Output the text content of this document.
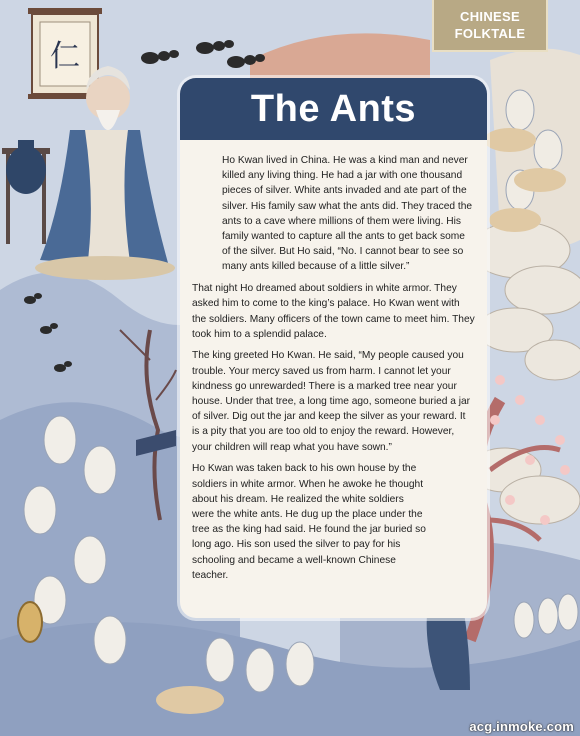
仁
CHINESE
FOLKTALE
The Ants

Ho Kwan lived in China. He was a kind man and never killed any living thing. He had a jar with one thousand pieces of silver. White ants invaded and ate part of the silver. His family saw what the ants did. They traced the ants to a cave where millions of them were living. His family wanted to capture all the ants to get back some of the silver. But Ho said, “No. I cannot bear to see so many ants killed because of a little silver.”

That night Ho dreamed about soldiers in white armor. They asked him to come to the king’s palace. Ho Kwan went with the soldiers. Many officers of the town came to meet him. They took him to a splendid palace.

The king greeted Ho Kwan. He said, “My people caused you trouble. Your mercy saved us from harm. I cannot let your kindness go unrewarded! There is a marked tree near your house. Under that tree, a long time ago, someone buried a jar of silver. Dig out the jar and keep the silver as your reward. It is a pity that you are too old to enjoy the reward. However, your children will reap what you have sown.”

Ho Kwan was taken back to his own house by the soldiers in white armor. When he awoke he thought about his dream. He realized the white soldiers were the white ants. He dug up the place under the tree as the king had said. He found the jar buried so long ago. His son used the silver to pay for his schooling and became a well-known Chinese teacher.

acg.inmoke.com
